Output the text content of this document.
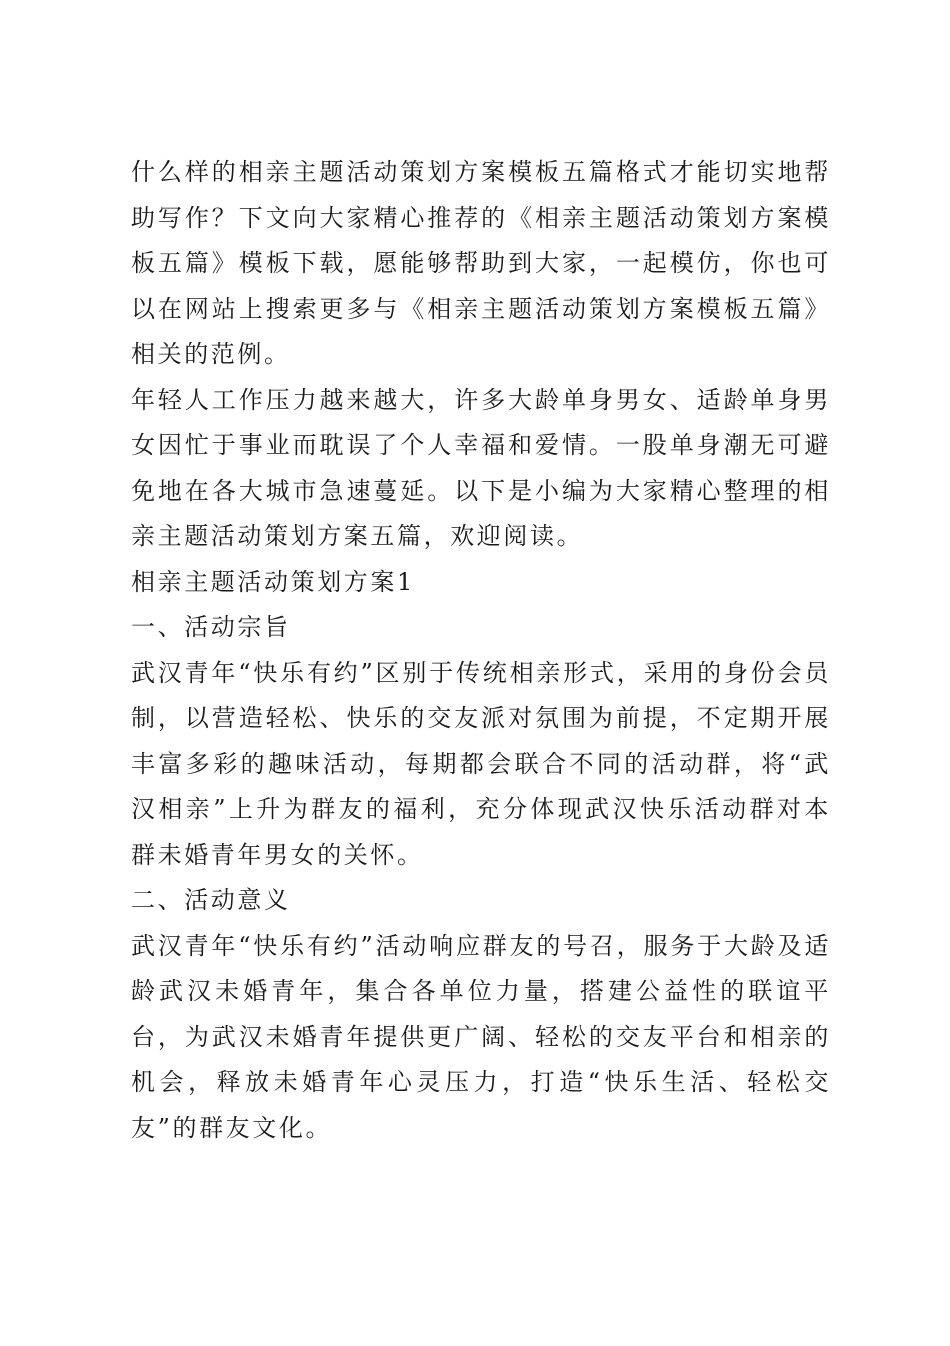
什么样的相亲主题活动策划方案模板五篇格式才能切实地帮助写作？下文向大家精心推荐的《相亲主题活动策划方案模板五篇》模板下载，愿能够帮助到大家，一起模仿，你也可以在网站上搜索更多与《相亲主题活动策划方案模板五篇》相关的范例。

年轻人工作压力越来越大，许多大龄单身男女、适龄单身男女因忙于事业而耽误了个人幸福和爱情。一股单身潮无可避免地在各大城市急速蔓延。以下是小编为大家精心整理的相亲主题活动策划方案五篇，欢迎阅读。

相亲主题活动策划方案1

一、活动宗旨

武汉青年“快乐有约”区别于传统相亲形式，采用的身份会员制，以营造轻松、快乐的交友派对氛围为前提，不定期开展丰富多彩的趣味活动，每期都会联合不同的活动群，将“武汉相亲”上升为群友的福利，充分体现武汉快乐活动群对本群未婚青年男女的关怀。

二、活动意义

武汉青年“快乐有约”活动响应群友的号召，服务于大龄及适龄武汉未婚青年，集合各单位力量，搭建公益性的联谊平台，为武汉未婚青年提供更广阔、轻松的交友平台和相亲的机会，释放未婚青年心灵压力，打造“快乐生活、轻松交友”的群友文化。
